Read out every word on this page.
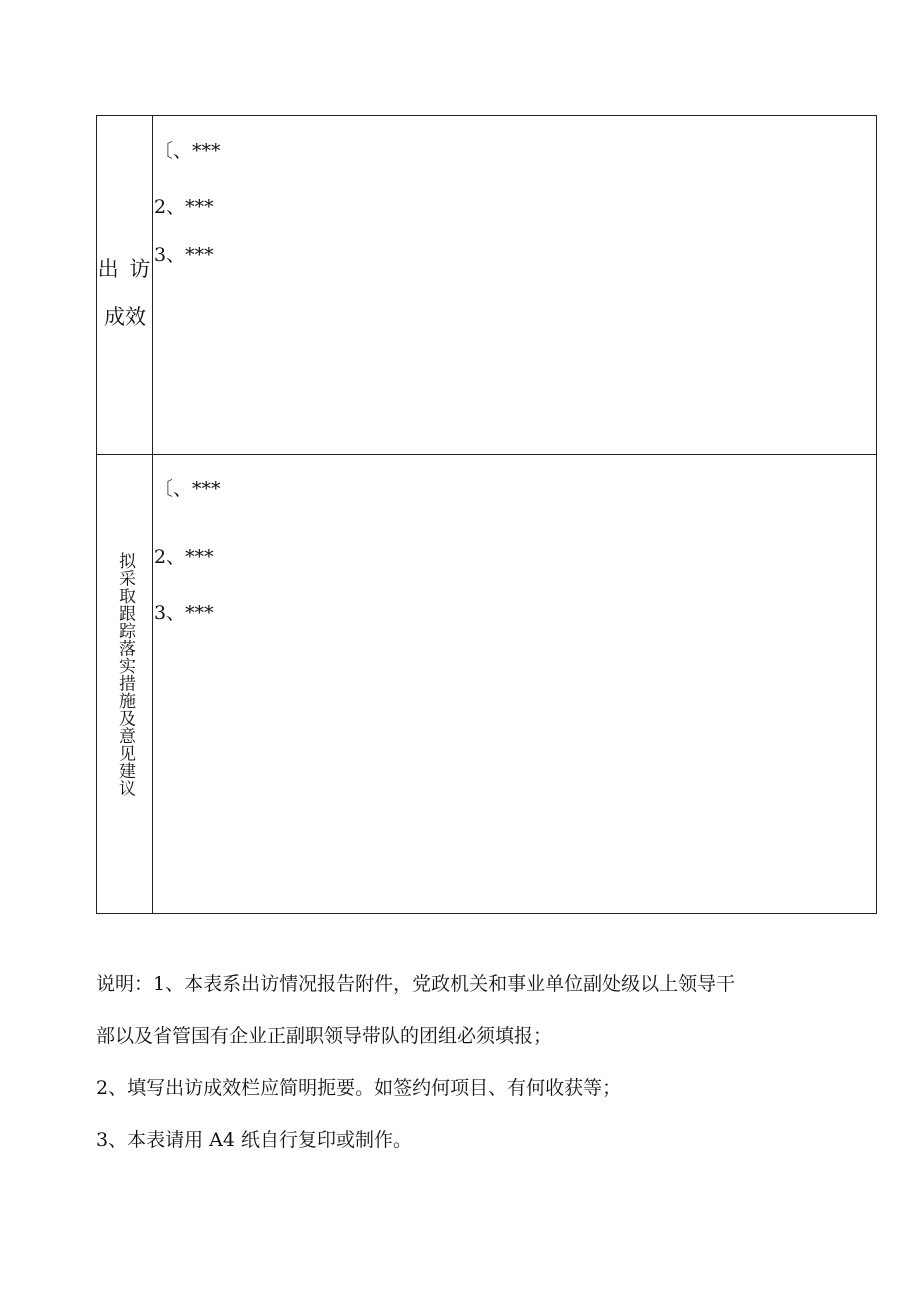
出 访
成效
〔、***
2、***
3、***
拟采取跟踪落实措施及意见建议
〔、***
2、***
3、***
说明：1、本表系出访情况报告附件，党政机关和事业单位副处级以上领导干
部以及省管国有企业正副职领导带队的团组必须填报；
2、填写出访成效栏应简明扼要。如签约何项目、有何收获等；
3、本表请用 A4 纸自行复印或制作。
